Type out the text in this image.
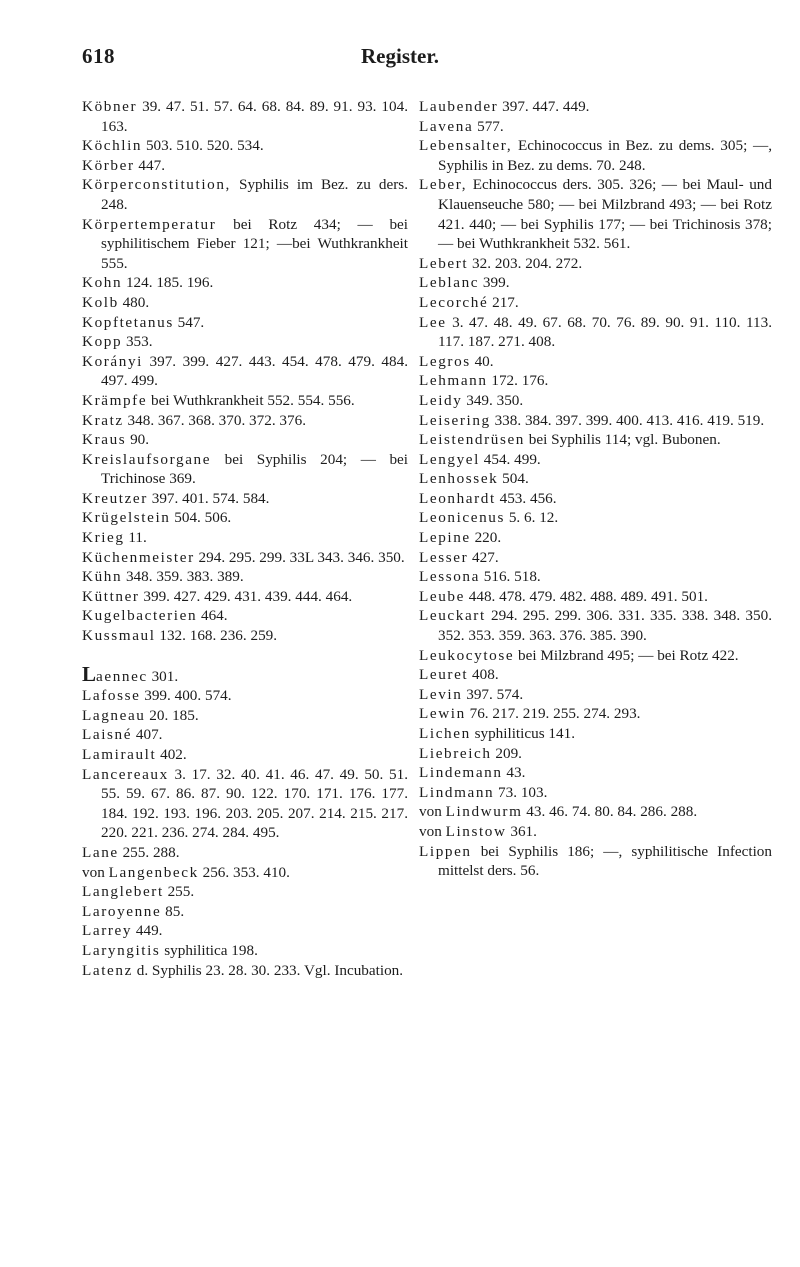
618	Register.
Köbner 39. 47. 51. 57. 64. 68. 84. 89. 91. 93. 104. 163.
Köchlin 503. 510. 520. 534.
Körber 447.
Körperconstitution, Syphilis im Bez. zu ders. 248.
Körpertemperatur bei Rotz 434; — bei syphilitischem Fieber 121; —bei Wuthkrankheit 555.
Kohn 124. 185. 196.
Kolb 480.
Kopftetanus 547.
Kopp 353.
Korányi 397. 399. 427. 443. 454. 478. 479. 484. 497. 499.
Krämpfe bei Wuthkrankheit 552. 554. 556.
Kratz 348. 367. 368. 370. 372. 376.
Kraus 90.
Kreislaufsorgane bei Syphilis 204; — bei Trichinose 369.
Kreutzer 397. 401. 574. 584.
Krügelstein 504. 506.
Krieg 11.
Küchenmeister 294. 295. 299. 33L 343. 346. 350.
Kühn 348. 359. 383. 389.
Küttner 399. 427. 429. 431. 439. 444. 464.
Kugelbacterien 464.
Kussmaul 132. 168. 236. 259.
Laennec 301.
Lafosse 399. 400. 574.
Lagneau 20. 185.
Laisné 407.
Lamirault 402.
Lancereaux 3. 17. 32. 40. 41. 46. 47. 49. 50. 51. 55. 59. 67. 86. 87. 90. 122. 170. 171. 176. 177. 184. 192. 193. 196. 203. 205. 207. 214. 215. 217. 220. 221. 236. 274. 284. 495.
Lane 255. 288.
von Langenbeck 256. 353. 410.
Langlebert 255.
Laroyenne 85.
Larrey 449.
Laryngitis syphilitica 198.
Latenz d. Syphilis 23. 28. 30. 233. Vgl. Incubation.
Laubender 397. 447. 449.
Lavena 577.
Lebensalter, Echinococcus in Bez. zu dems. 305; —, Syphilis in Bez. zu dems. 70. 248.
Leber, Echinococcus ders. 305. 326; — bei Maul- und Klauenseuche 580; — bei Milzbrand 493; — bei Rotz 421. 440; — bei Syphilis 177; — bei Trichinosis 378; — bei Wuthkrankheit 532. 561.
Lebert 32. 203. 204. 272.
Leblanc 399.
Lecorché 217.
Lee 3. 47. 48. 49. 67. 68. 70. 76. 89. 90. 91. 110. 113. 117. 187. 271. 408.
Legros 40.
Lehmann 172. 176.
Leidy 349. 350.
Leisering 338. 384. 397. 399. 400. 413. 416. 419. 519.
Leistendrüsen bei Syphilis 114; vgl. Bubonen.
Lengyel 454. 499.
Lenhossek 504.
Leonhardt 453. 456.
Leonicenus 5. 6. 12.
Lepine 220.
Lesser 427.
Lessona 516. 518.
Leube 448. 478. 479. 482. 488. 489. 491. 501.
Leuckart 294. 295. 299. 306. 331. 335. 338. 348. 350. 352. 353. 359. 363. 376. 385. 390.
Leukocytose bei Milzbrand 495; — bei Rotz 422.
Leuret 408.
Levin 397. 574.
Lewin 76. 217. 219. 255. 274. 293.
Lichen syphiliticus 141.
Liebreich 209.
Lindemann 43.
Lindmann 73. 103.
von Lindwurm 43. 46. 74. 80. 84. 286. 288.
von Linstow 361.
Lippen bei Syphilis 186; —, syphilitische Infection mittelst ders. 56.
